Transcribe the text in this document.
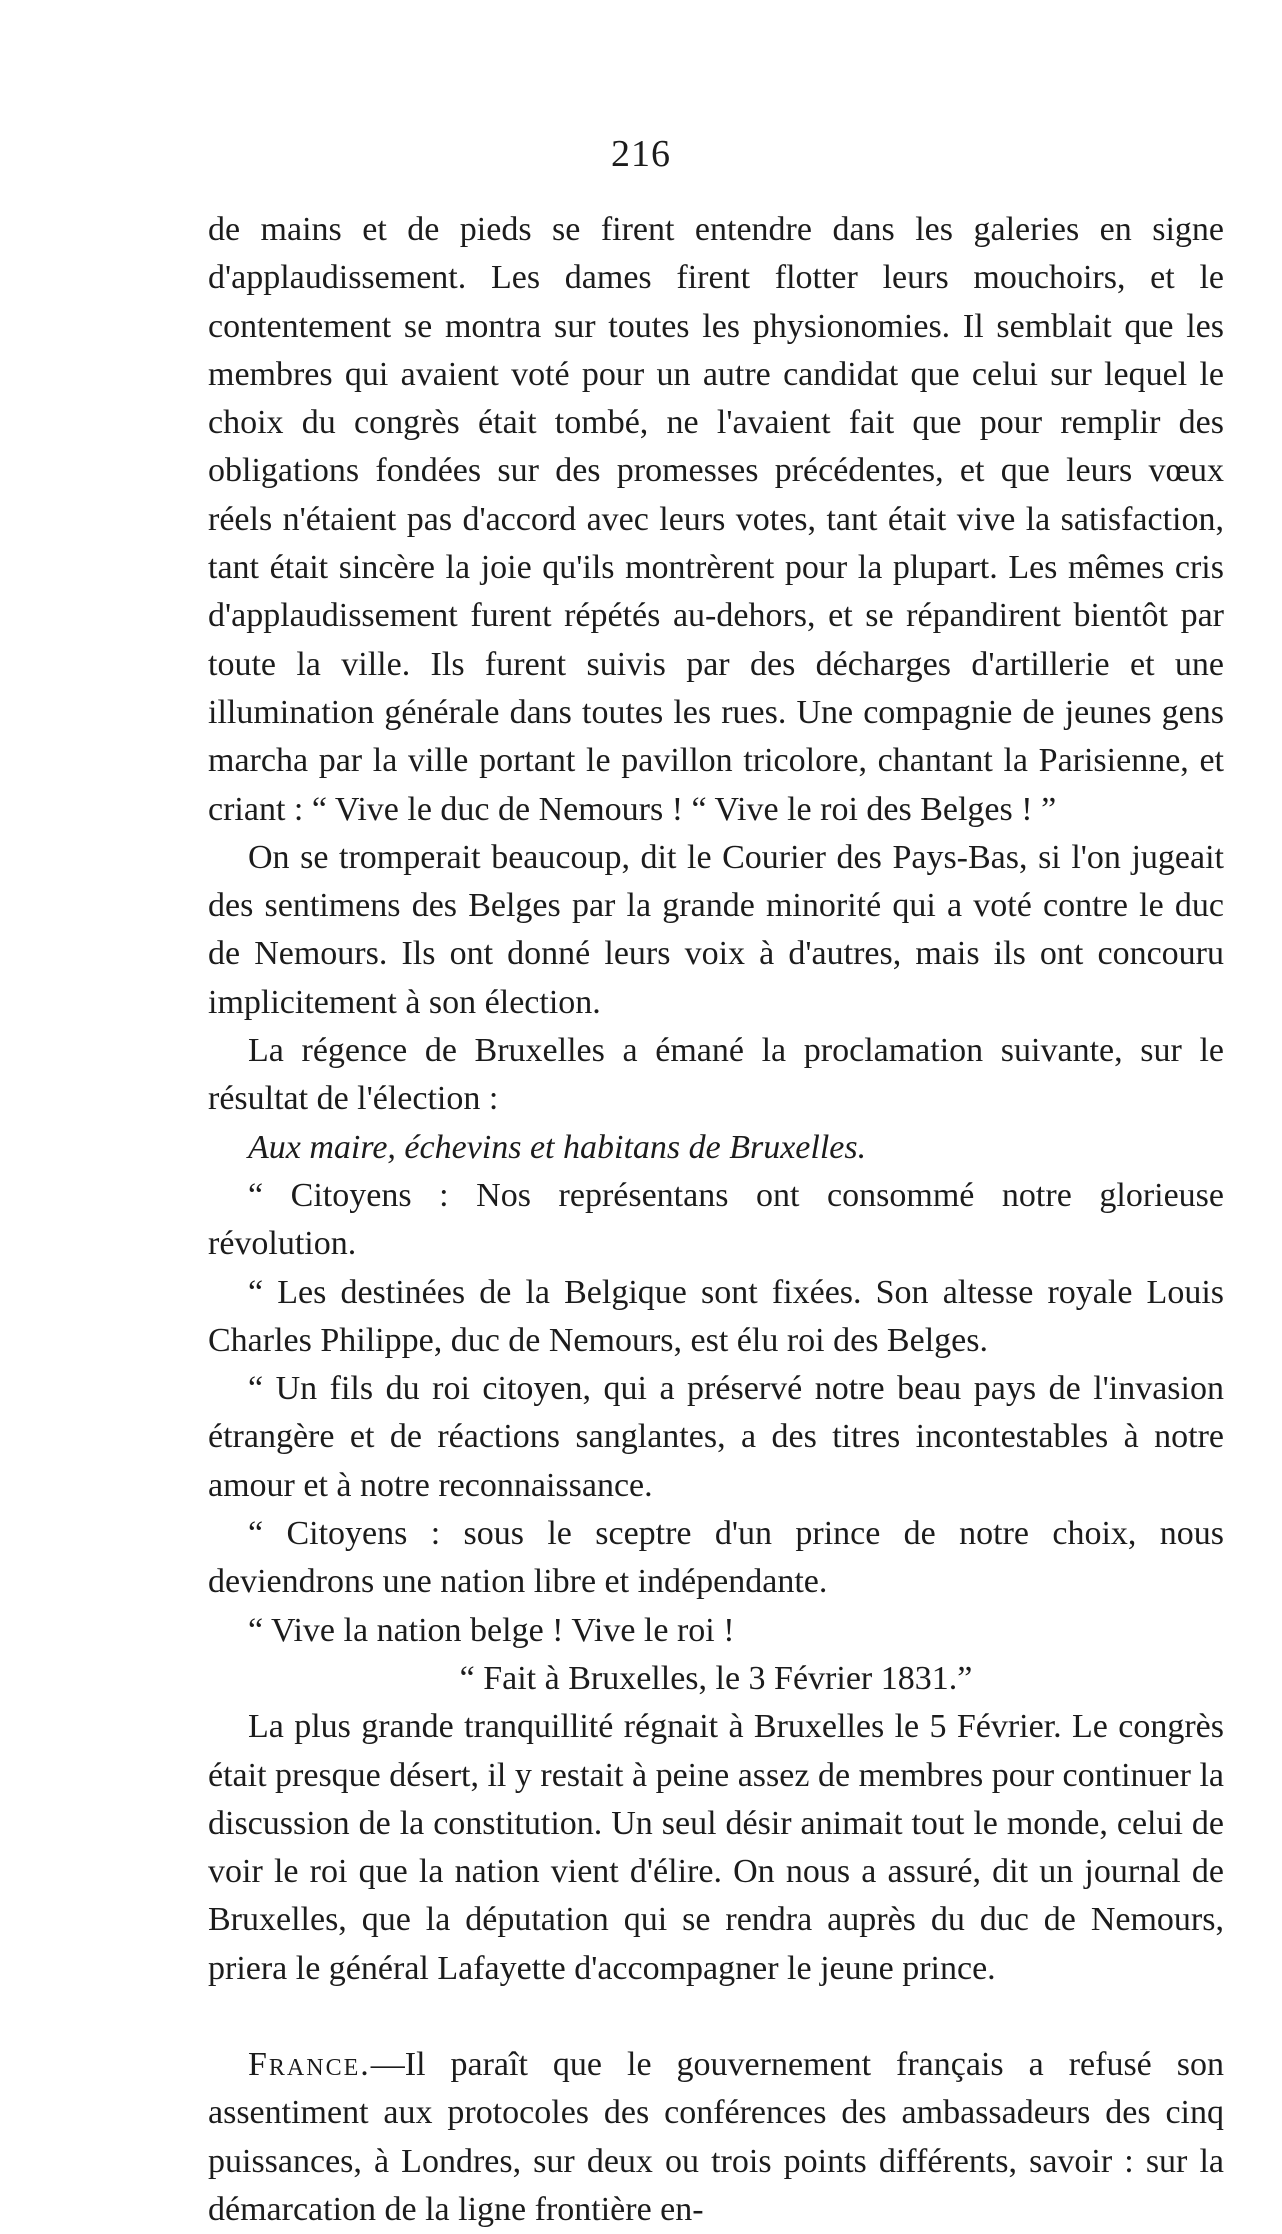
216

de mains et de pieds se firent entendre dans les galeries en signe d'applaudissement. Les dames firent flotter leurs mouchoirs, et le contentement se montra sur toutes les physionomies. Il semblait que les membres qui avaient voté pour un autre candidat que celui sur lequel le choix du congrès était tombé, ne l'avaient fait que pour remplir des obligations fondées sur des promesses précédentes, et que leurs vœux réels n'étaient pas d'accord avec leurs votes, tant était vive la satisfaction, tant était sincère la joie qu'ils montrèrent pour la plupart. Les mêmes cris d'applaudissement furent répétés au-dehors, et se répandirent bientôt par toute la ville. Ils furent suivis par des décharges d'artillerie et une illumination générale dans toutes les rues. Une compagnie de jeunes gens marcha par la ville portant le pavillon tricolore, chantant la Parisienne, et criant : “ Vive le duc de Nemours ! “ Vive le roi des Belges ! ”

On se tromperait beaucoup, dit le Courier des Pays-Bas, si l'on jugeait des sentimens des Belges par la grande minorité qui a voté contre le duc de Nemours. Ils ont donné leurs voix à d'autres, mais ils ont concouru implicitement à son élection.

La régence de Bruxelles a émané la proclamation suivante, sur le résultat de l'élection :

Aux maire, échevins et habitans de Bruxelles.

“ Citoyens : Nos représentans ont consommé notre glorieuse révolution.

“ Les destinées de la Belgique sont fixées. Son altesse royale Louis Charles Philippe, duc de Nemours, est élu roi des Belges.

“ Un fils du roi citoyen, qui a préservé notre beau pays de l'invasion étrangère et de réactions sanglantes, a des titres incontestables à notre amour et à notre reconnaissance.

“ Citoyens : sous le sceptre d'un prince de notre choix, nous deviendrons une nation libre et indépendante.

“ Vive la nation belge ! Vive le roi !

“ Fait à Bruxelles, le 3 Février 1831.”

La plus grande tranquillité régnait à Bruxelles le 5 Février. Le congrès était presque désert, il y restait à peine assez de membres pour continuer la discussion de la constitution. Un seul désir animait tout le monde, celui de voir le roi que la nation vient d'élire. On nous a assuré, dit un journal de Bruxelles, que la députation qui se rendra auprès du duc de Nemours, priera le général Lafayette d'accompagner le jeune prince.

France.—Il paraît que le gouvernement français a refusé son assentiment aux protocoles des conférences des ambassadeurs des cinq puissances, à Londres, sur deux ou trois points différents, savoir : sur la démarcation de la ligne frontière en-
